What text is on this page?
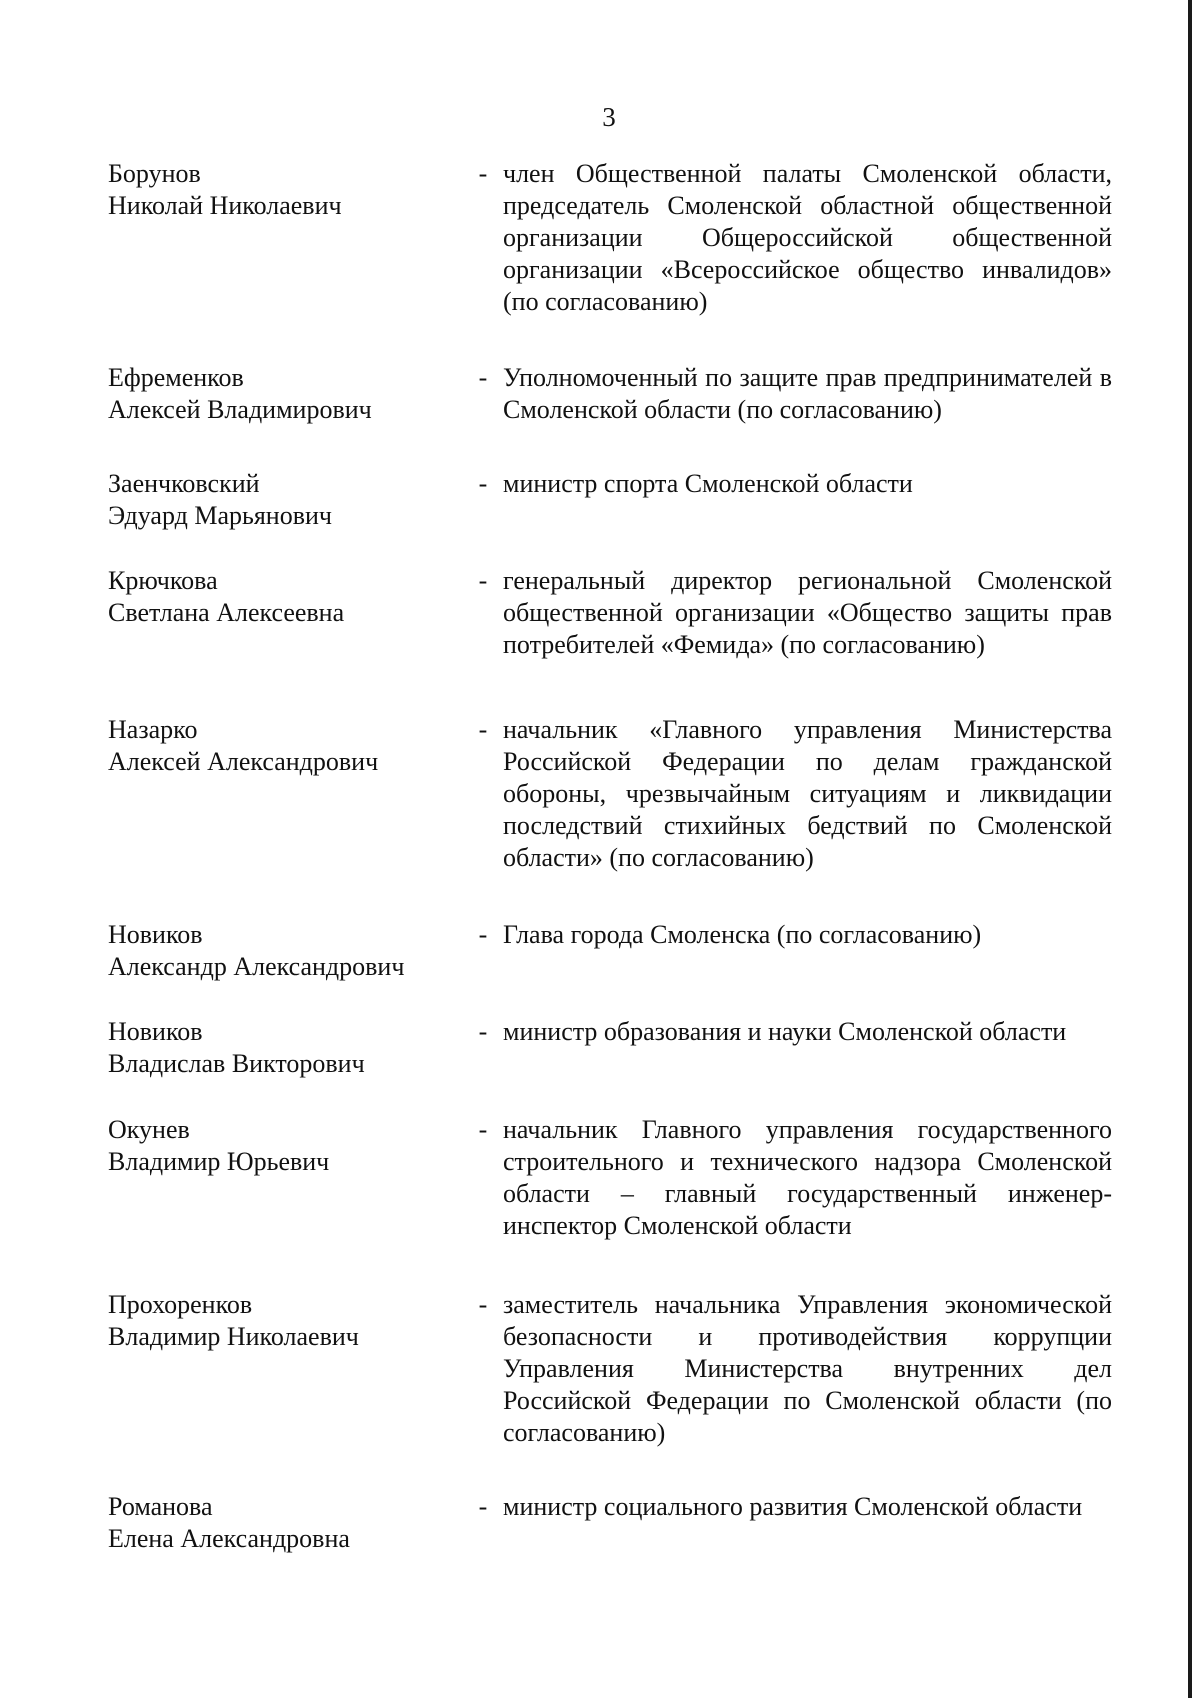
3
Борунов
Николай Николаевич
- член Общественной палаты Смоленской области, председатель Смоленской областной общественной организации Общероссийской общественной организации «Всероссийское общество инвалидов» (по согласованию)
Ефременков
Алексей Владимирович
- Уполномоченный по защите прав предпринимателей в Смоленской области (по согласованию)
Заенчковский
Эдуард Марьянович
- министр спорта Смоленской области
Крючкова
Светлана Алексеевна
- генеральный директор региональной Смоленской общественной организации «Общество защиты прав потребителей «Фемида» (по согласованию)
Назарко
Алексей Александрович
- начальник «Главного управления Министерства Российской Федерации по делам гражданской обороны, чрезвычайным ситуациям и ликвидации последствий стихийных бедствий по Смоленской области» (по согласованию)
Новиков
Александр Александрович
- Глава города Смоленска (по согласованию)
Новиков
Владислав Викторович
- министр образования и науки Смоленской области
Окунев
Владимир Юрьевич
- начальник Главного управления государственного строительного и технического надзора Смоленской области – главный государственный инженер-инспектор Смоленской области
Прохоренков
Владимир Николаевич
- заместитель начальника Управления экономической безопасности и противодействия коррупции Управления Министерства внутренних дел Российской Федерации по Смоленской области (по согласованию)
Романова
Елена Александровна
- министр социального развития Смоленской области
